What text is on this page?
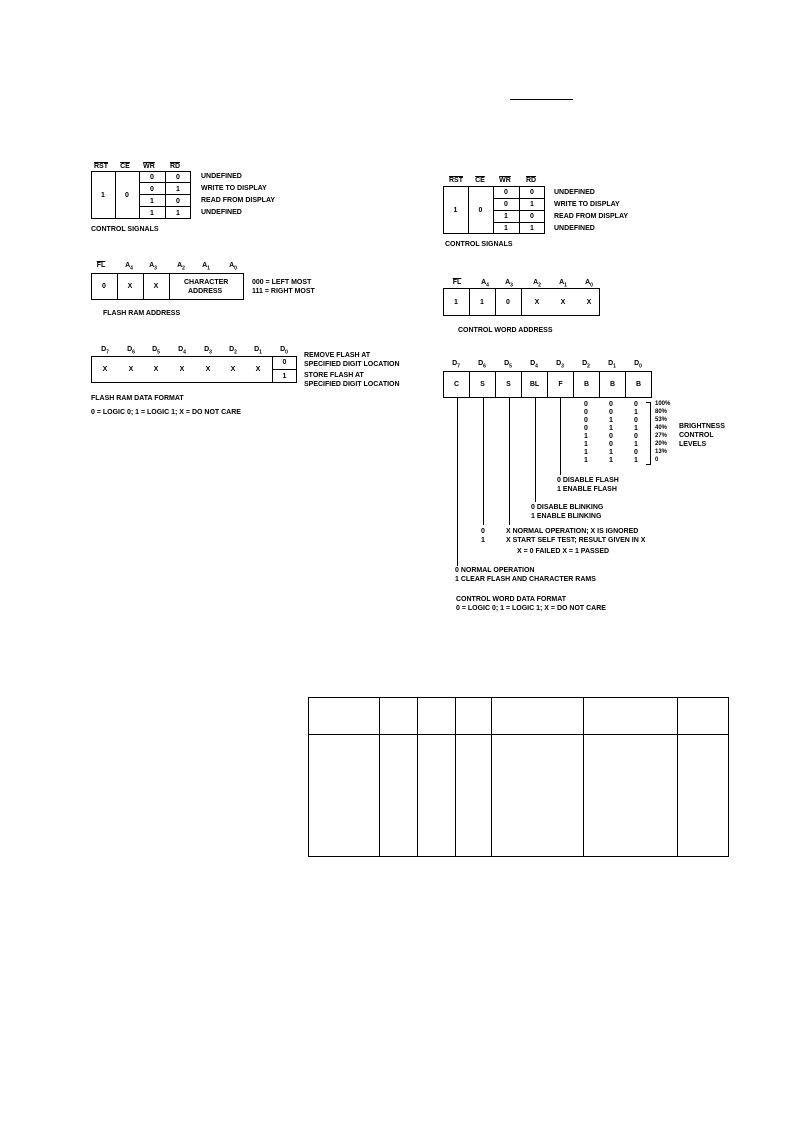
$\overline{RST}$	$\overline{CE}$	$\overline{WR}$	$\overline{RD}$
1	0
0	0
0	1
1	0
1	1
UNDEFINED
WRITE TO DISPLAY
READ FROM DISPLAY
UNDEFINED
CONTROL SIGNALS
$\overline{FL}$	$A_4$	$A_3$	$A_2$	$A_1$	$A_0$
0	X	X
CHARACTER
ADDRESS
000 = LEFT MOST
111 = RIGHT MOST
FLASH RAM ADDRESS
$D_7$	$D_6$	$D_5$	$D_4$	$D_3$	$D_2$	$D_1$	$D_0$
X	X	X	X	X	X	X
0
1
REMOVE FLASH AT
SPECIFIED DIGIT LOCATION
STORE FLASH AT
SPECIFIED DIGIT LOCATION
FLASH RAM DATA FORMAT
0 = LOGIC 0; 1 = LOGIC 1; X = DO NOT CARE
$\overline{RST}$	$\overline{CE}$	$\overline{WR}$	$\overline{RD}$
1	0
0	0
0	1
1	0
1	1
UNDEFINED
WRITE TO DISPLAY
READ FROM DISPLAY
UNDEFINED
CONTROL SIGNALS
$\overline{FL}$	$A_4$	$A_3$	$A_2$	$A_1$	$A_0$
1	1	0	X	X	X
CONTROL WORD ADDRESS
$D_7$	$D_6$	$D_5$	$D_4$	$D_3$	$D_2$	$D_1$	$D_0$
C	S	S	BL	F	B	B	B
0	0	0	100%
0	0	1	80%
0	1	0	53%
0	1	1	40%
1	0	0	27%
1	0	1	20%
1	1	0	13%
1	1	1	0
BRIGHTNESS
CONTROL
LEVELS
0 DISABLE FLASH
1 ENABLE FLASH
0 DISABLE BLINKING
1 ENABLE BLINKING
0	X NORMAL OPERATION; X IS IGNORED
1	X START SELF TEST; RESULT GIVEN IN X
X = 0 FAILED X = 1 PASSED
0 NORMAL OPERATION
1 CLEAR FLASH AND CHARACTER RAMS
CONTROL WORD DATA FORMAT
0 = LOGIC 0; 1 = LOGIC 1; X = DO NOT CARE
